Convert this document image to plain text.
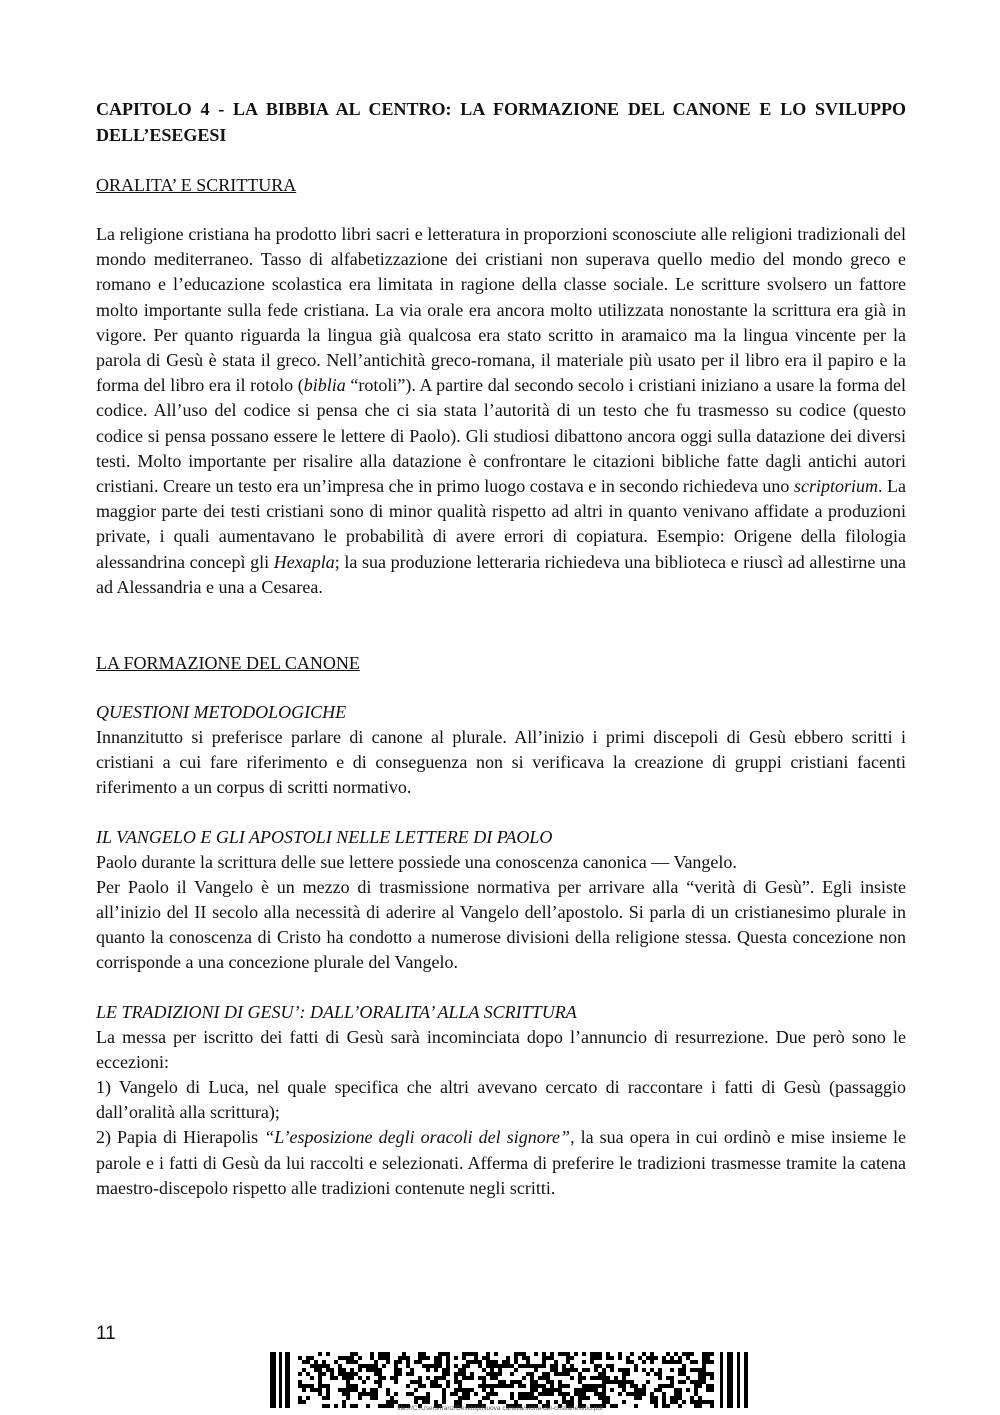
CAPITOLO 4 - LA BIBBIA AL CENTRO: LA FORMAZIONE DEL CANONE E LO SVILUPPO DELL’ESEGESI
ORALITA’ E SCRITTURA

La religione cristiana ha prodotto libri sacri e letteratura in proporzioni sconosciute alle religioni tradizionali del mondo mediterraneo. Tasso di alfabetizzazione dei cristiani non superava quello medio del mondo greco e romano e l’educazione scolastica era limitata in ragione della classe sociale. Le scritture svolsero un fattore molto importante sulla fede cristiana. La via orale era ancora molto utilizzata nonostante la scrittura era già in vigore. Per quanto riguarda la lingua già qualcosa era stato scritto in aramaico ma la lingua vincente per la parola di Gesù è stata il greco. Nell’antichità greco-romana, il materiale più usato per il libro era il papiro e la forma del libro era il rotolo (biblia “rotoli”). A partire dal secondo secolo i cristiani iniziano a usare la forma del codice. All’uso del codice si pensa che ci sia stata l’autorità di un testo che fu trasmesso su codice (questo codice si pensa possano essere le lettere di Paolo). Gli studiosi dibattono ancora oggi sulla datazione dei diversi testi. Molto importante per risalire alla datazione è confrontare le citazioni bibliche fatte dagli antichi autori cristiani. Creare un testo era un’impresa che in primo luogo costava e in secondo richiedeva uno scriptorium. La maggior parte dei testi cristiani sono di minor qualità rispetto ad altri in quanto venivano affidate a produzioni private, i quali aumentavano le probabilità di avere errori di copiatura. Esempio: Origene della filologia alessandrina concepì gli Hexapla; la sua produzione letteraria richiedeva una biblioteca e riuscì ad allestirne una ad Alessandria e una a Cesarea.

LA FORMAZIONE DEL CANONE
QUESTIONI METODOLOGICHE

Innanzitutto si preferisce parlare di canone al plurale. All’inizio i primi discepoli di Gesù ebbero scritti i cristiani a cui fare riferimento e di conseguenza non si verificava la creazione di gruppi cristiani facenti riferimento a un corpus di scritti normativo.

IL VANGELO E GLI APOSTOLI NELLE LETTERE DI PAOLO

Paolo durante la scrittura delle sue lettere possiede una conoscenza canonica — Vangelo.

Per Paolo il Vangelo è un mezzo di trasmissione normativa per arrivare alla “verità di Gesù”. Egli insiste all’inizio del II secolo alla necessità di aderire al Vangelo dell’apostolo. Si parla di un cristianesimo plurale in quanto la conoscenza di Cristo ha condotto a numerose divisioni della religione stessa. Questa concezione non corrisponde a una concezione plurale del Vangelo.

LE TRADIZIONI DI GESU’: DALL’ORALITA’ ALLA SCRITTURA

La messa per iscritto dei fatti di Gesù sarà incominciata dopo l’annuncio di resurrezione. Due però sono le eccezioni:

1) Vangelo di Luca, nel quale specifica che altri avevano cercato di raccontare i fatti di Gesù (passaggio dall’oralità alla scrittura);

2) Papia di Hierapolis “L’esposizione degli oracoli del signore”, la sua opera in cui ordinò e mise insieme le parole e i fatti di Gesù da lui raccolti e selezionati. Afferma di preferire le tradizioni trasmesse tramite la catena maestro-discepolo rispetto alle tradizioni contenute negli scritti.

11
file:///C:/Users/franz/Desktop/Nuova cartella/storia-del-cristianesimo.pdf
